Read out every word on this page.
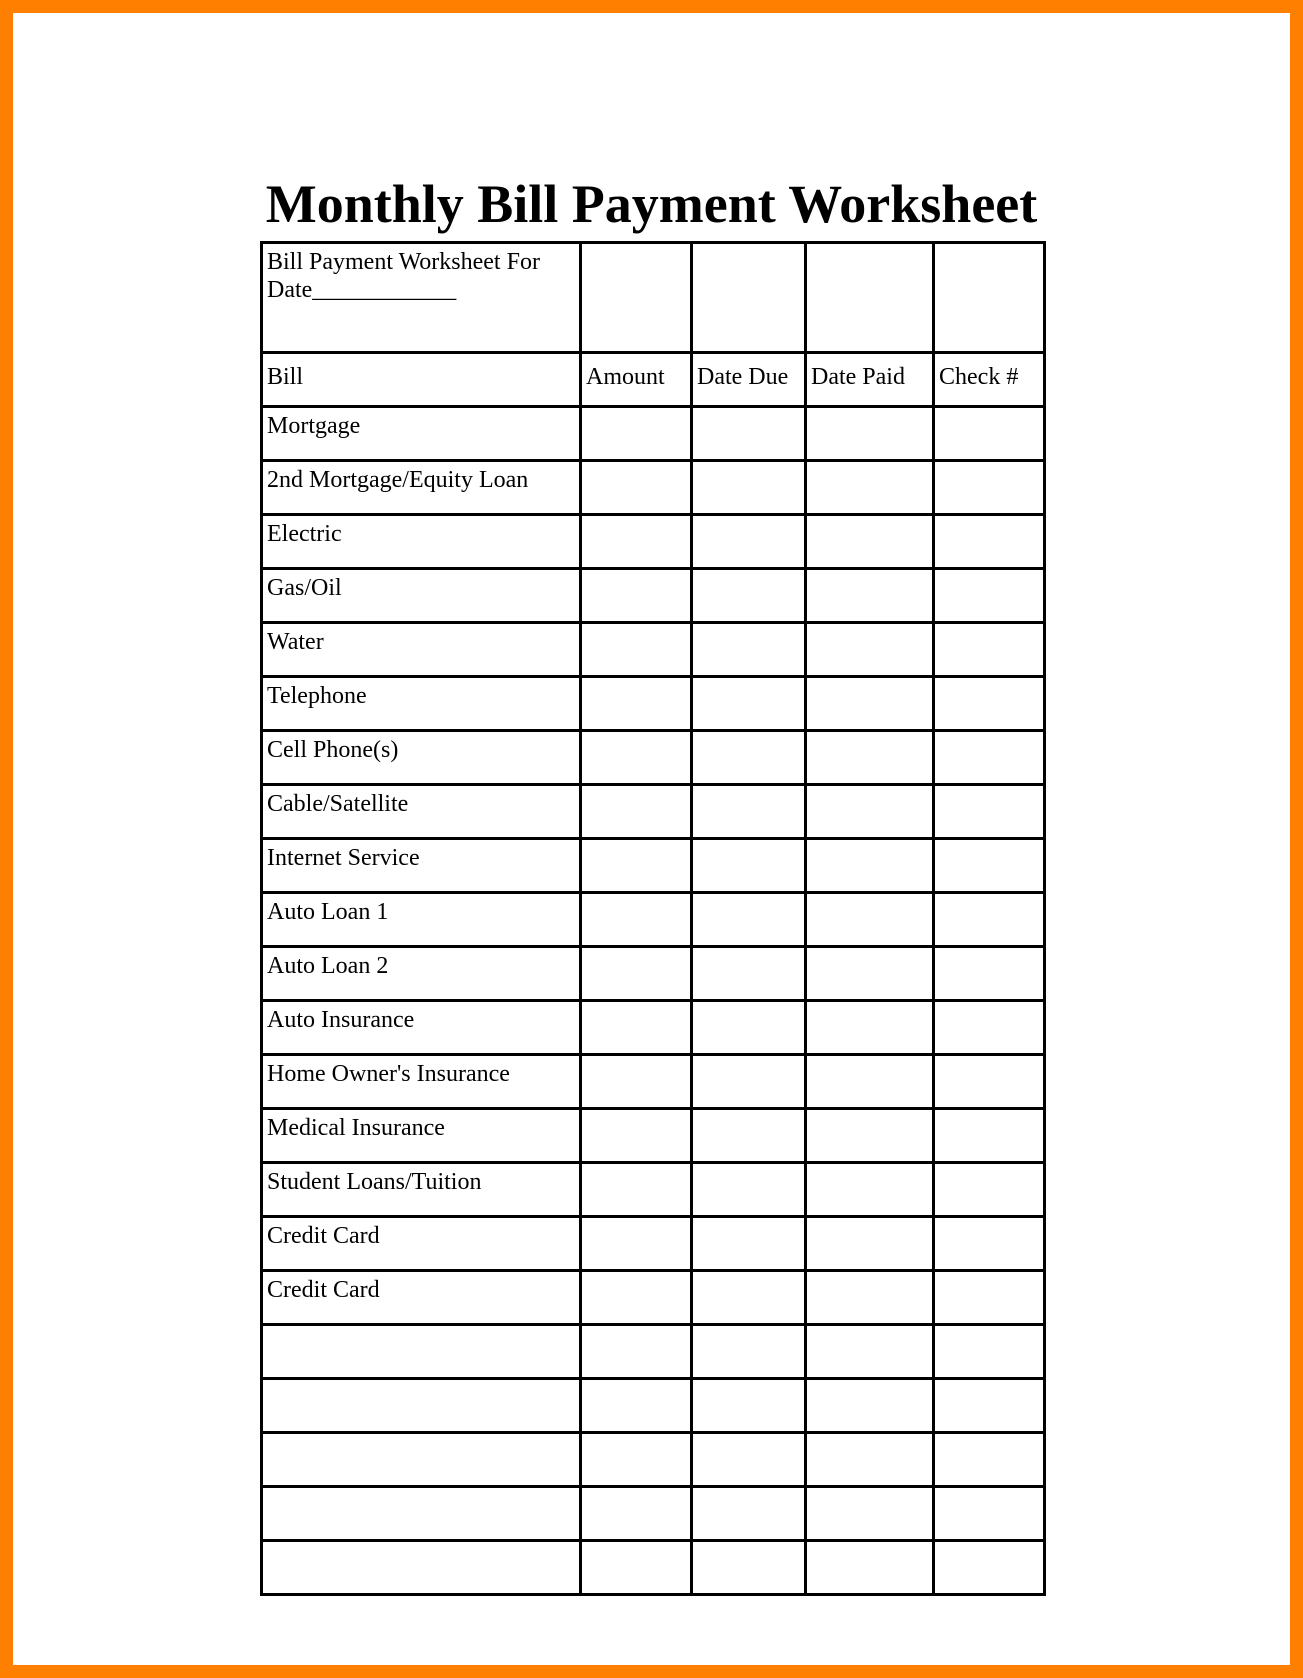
Monthly Bill Payment Worksheet
Bill Payment Worksheet For
Date____________				

Bill	Amount	Date Due	Date Paid	Check #
Mortgage				
2nd Mortgage/Equity Loan				
Electric				
Gas/Oil				
Water				
Telephone				
Cell Phone(s)				
Cable/Satellite				
Internet Service				
Auto Loan 1				
Auto Loan 2				
Auto Insurance				
Home Owner's Insurance				
Medical Insurance				
Student Loans/Tuition				
Credit Card				
Credit Card				
